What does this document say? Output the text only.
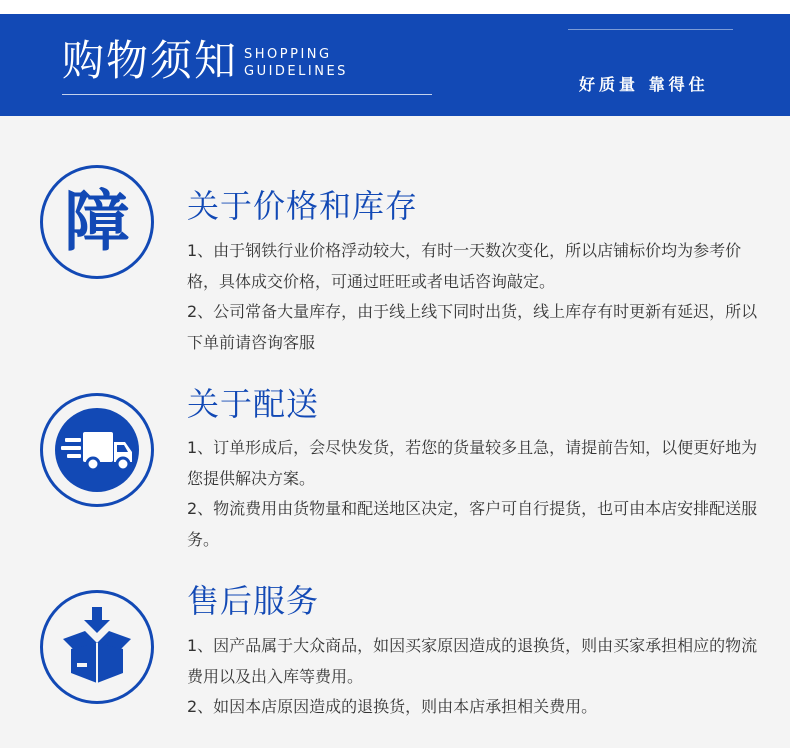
购物须知 SHOPPING
GUIDELINES
好质量 靠得住
障	关于价格和库存

1、由于钢铁行业价格浮动较大，有时一天数次变化，所以店铺标价均为参考价格，具体成交价格，可通过旺旺或者电话咨询敲定。

2、公司常备大量库存，由于线上线下同时出货，线上库存有时更新有延迟，所以下单前请咨询客服

关于配送

1、订单形成后，会尽快发货，若您的货量较多且急，请提前告知，以便更好地为您提供解决方案。

2、物流费用由货物量和配送地区决定，客户可自行提货，也可由本店安排配送服务。

售后服务

1、因产品属于大众商品，如因买家原因造成的退换货，则由买家承担相应的物流费用以及出入库等费用。

2、如因本店原因造成的退换货，则由本店承担相关费用。
